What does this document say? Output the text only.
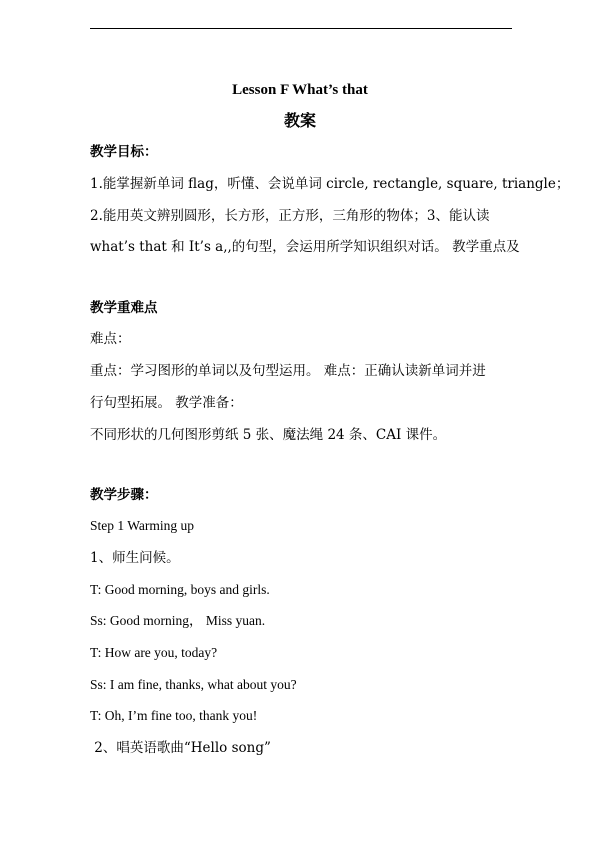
Lesson F What’s that
教案
教学目标：
1.能掌握新单词 flag，听懂、会说单词 circle, rectangle, square, triangle；
2.能用英文辨别圆形，长方形，正方形，三角形的物体；3、能认读
what’s that 和 It’s a,,的句型，会运用所学知识组织对话。 教学重点及
教学重难点
难点：
重点：学习图形的单词以及句型运用。 难点：正确认读新单词并进
行句型拓展。 教学准备：
不同形状的几何图形剪纸 5 张、魔法绳 24 条、CAI 课件。
教学步骤：
Step 1 Warming up
1、师生问候。
T: Good morning, boys and girls.
Ss: Good morning， Miss yuan.
T: How are you, today?
Ss: I am fine, thanks, what about you?
T: Oh, I’m fine too, thank you!
2、唱英语歌曲“Hello song”
